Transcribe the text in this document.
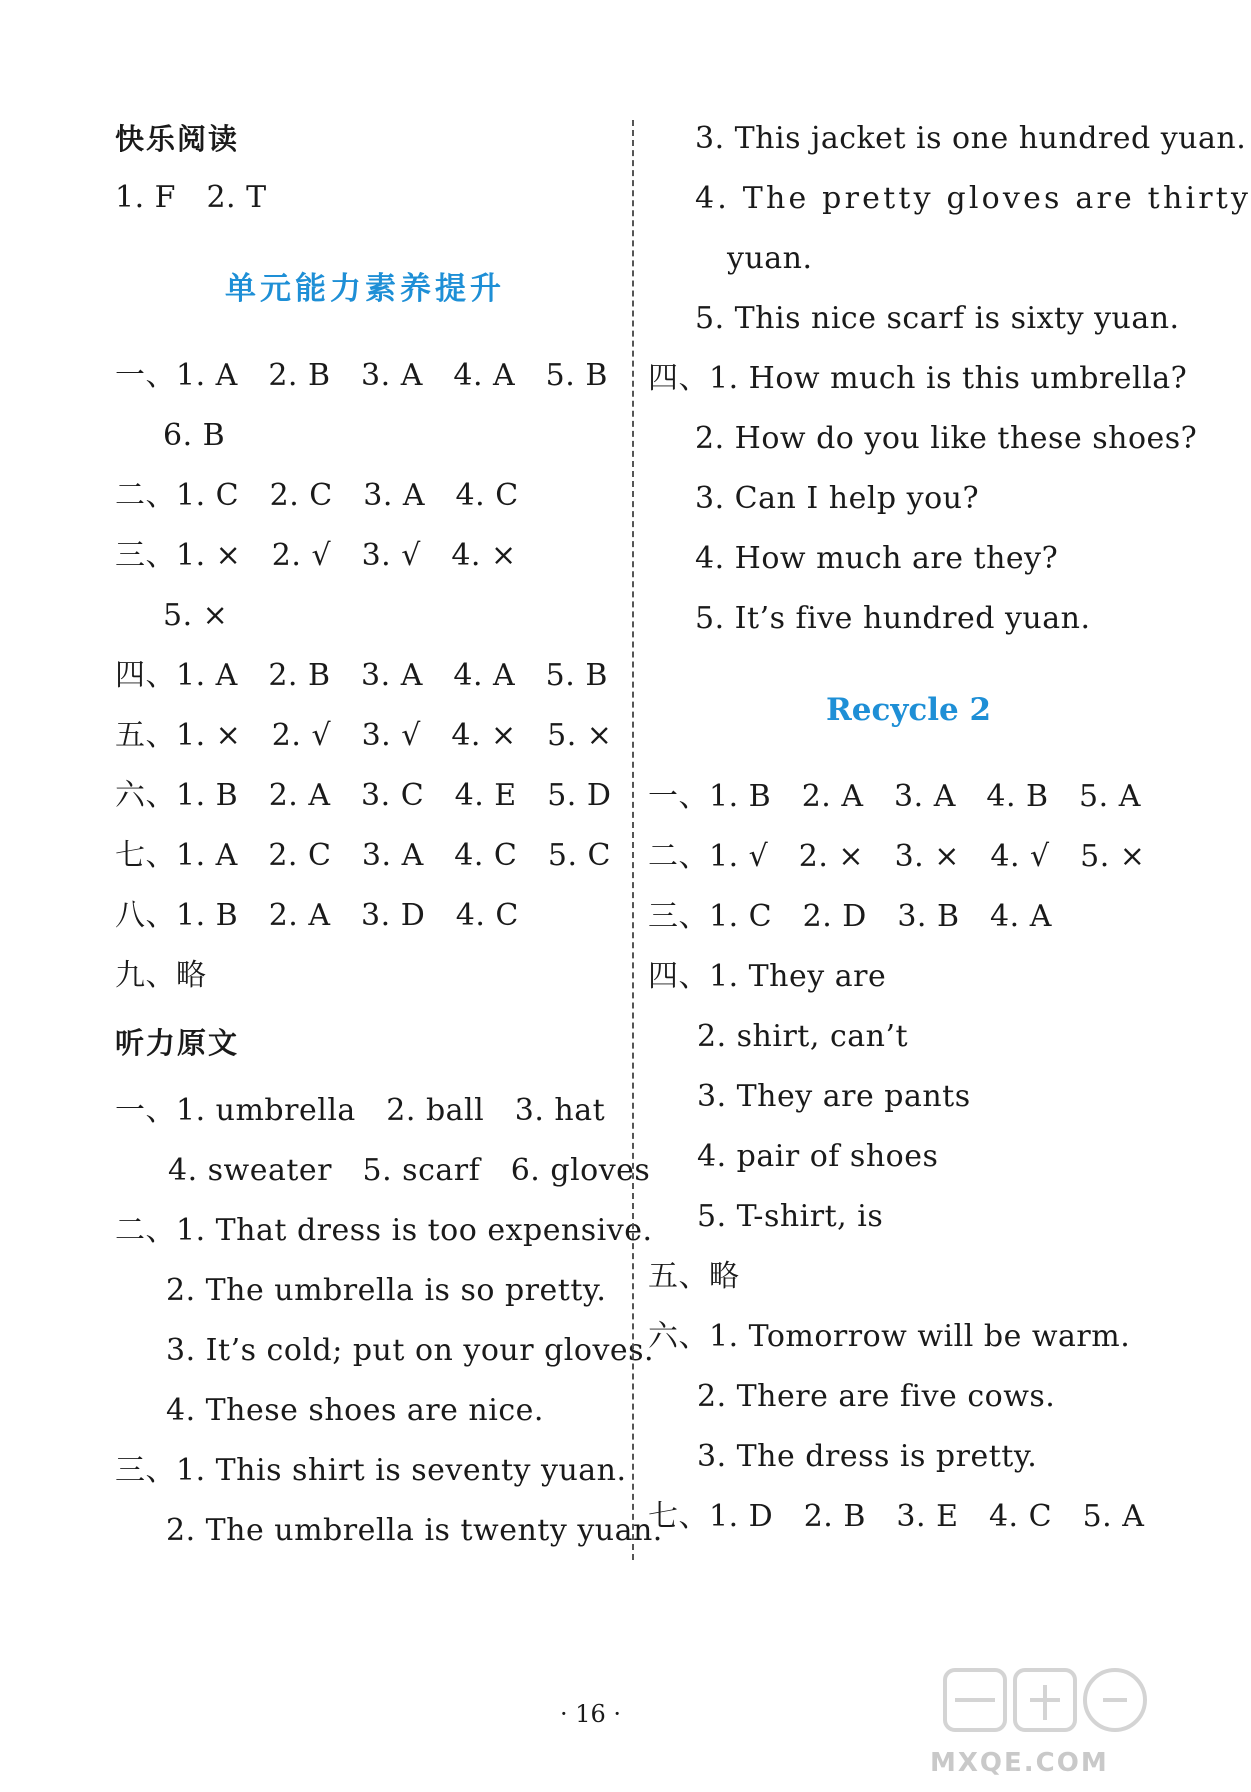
快乐阅读
1. F　2. T
单元能力素养提升
一、1. A　2. B　3. A　4. A　5. B
6. B
二、1. C　2. C　3. A　4. C
三、1. ×　2. √　3. √　4. ×
5. ×
四、1. A　2. B　3. A　4. A　5. B
五、1. ×　2. √　3. √　4. ×　5. ×
六、1. B　2. A　3. C　4. E　5. D
七、1. A　2. C　3. A　4. C　5. C
八、1. B　2. A　3. D　4. C
九、略
听力原文
一、1. umbrella　2. ball　3. hat
4. sweater　5. scarf　6. gloves
二、1. That dress is too expensive.
2. The umbrella is so pretty.
3. It’s cold; put on your gloves.
4. These shoes are nice.
三、1. This shirt is seventy yuan.
2. The umbrella is twenty yuan.
3. This jacket is one hundred yuan.
4. The pretty gloves are thirty
yuan.
5. This nice scarf is sixty yuan.
四、1. How much is this umbrella?
2. How do you like these shoes?
3. Can I help you?
4. How much are they?
5. It’s five hundred yuan.
Recycle 2
一、1. B　2. A　3. A　4. B　5. A
二、1. √　2. ×　3. ×　4. √　5. ×
三、1. C　2. D　3. B　4. A
四、1. They are
2. shirt, can’t
3. They are pants
4. pair of shoes
5. T-shirt, is
五、略
六、1. Tomorrow will be warm.
2. There are five cows.
3. The dress is pretty.
七、1. D　2. B　3. E　4. C　5. A
· 16 ·
MXQE.COM
